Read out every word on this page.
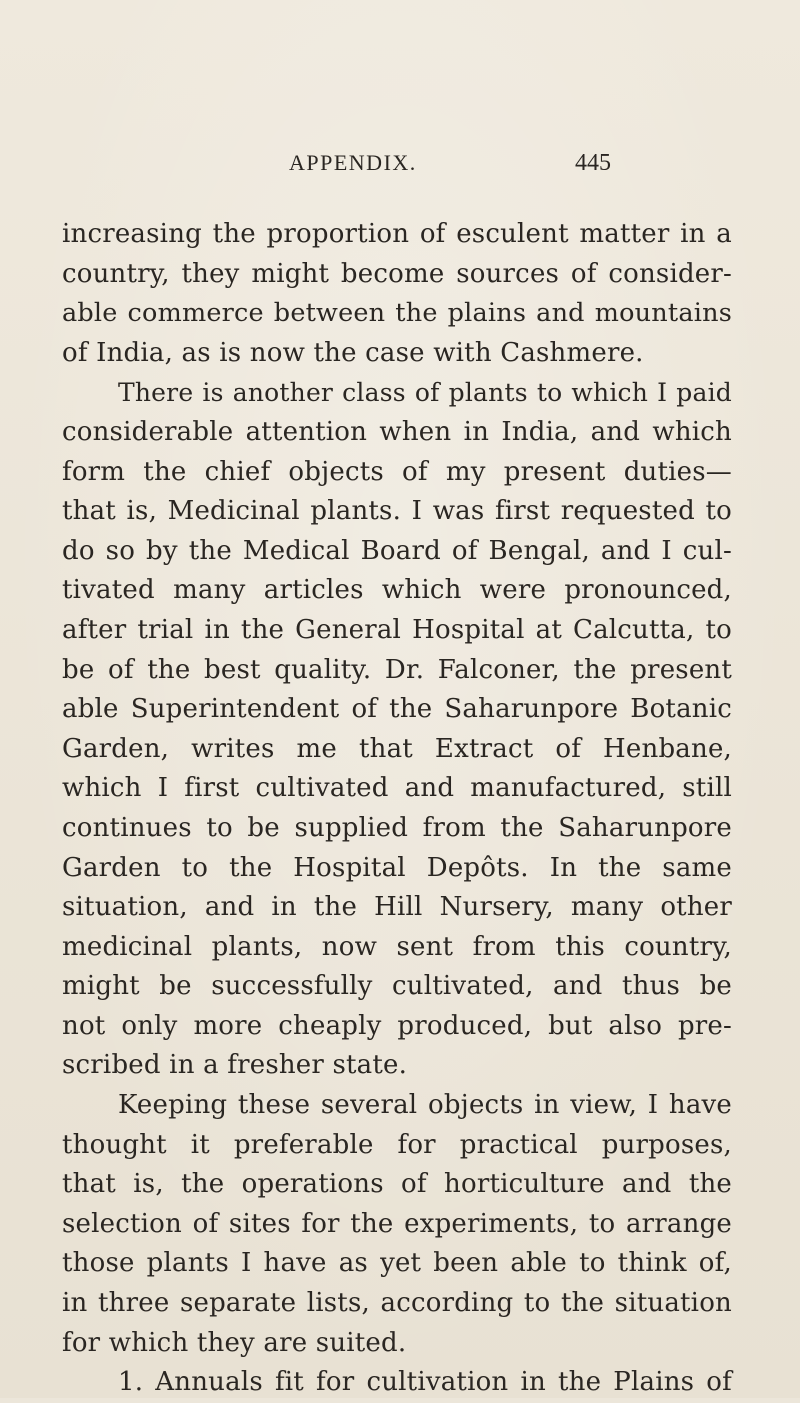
APPENDIX.	445
increasing the proportion of esculent matter in a
country, they might become sources of consider-
able commerce between the plains and mountains
of India, as is now the case with Cashmere.
There is another class of plants to which I paid
considerable attention when in India, and which
form the chief objects of my present duties—
that is, Medicinal plants. I was first requested to
do so by the Medical Board of Bengal, and I cul-
tivated many articles which were pronounced,
after trial in the General Hospital at Calcutta, to
be of the best quality. Dr. Falconer, the present
able Superintendent of the Saharunpore Botanic
Garden, writes me that Extract of Henbane,
which I first cultivated and manufactured, still
continues to be supplied from the Saharunpore
Garden to the Hospital Depôts. In the same
situation, and in the Hill Nursery, many other
medicinal plants, now sent from this country,
might be successfully cultivated, and thus be
not only more cheaply produced, but also pre-
scribed in a fresher state.
Keeping these several objects in view, I have
thought it preferable for practical purposes,
that is, the operations of horticulture and the
selection of sites for the experiments, to arrange
those plants I have as yet been able to think of,
in three separate lists, according to the situation
for which they are suited.
1. Annuals fit for cultivation in the Plains of
